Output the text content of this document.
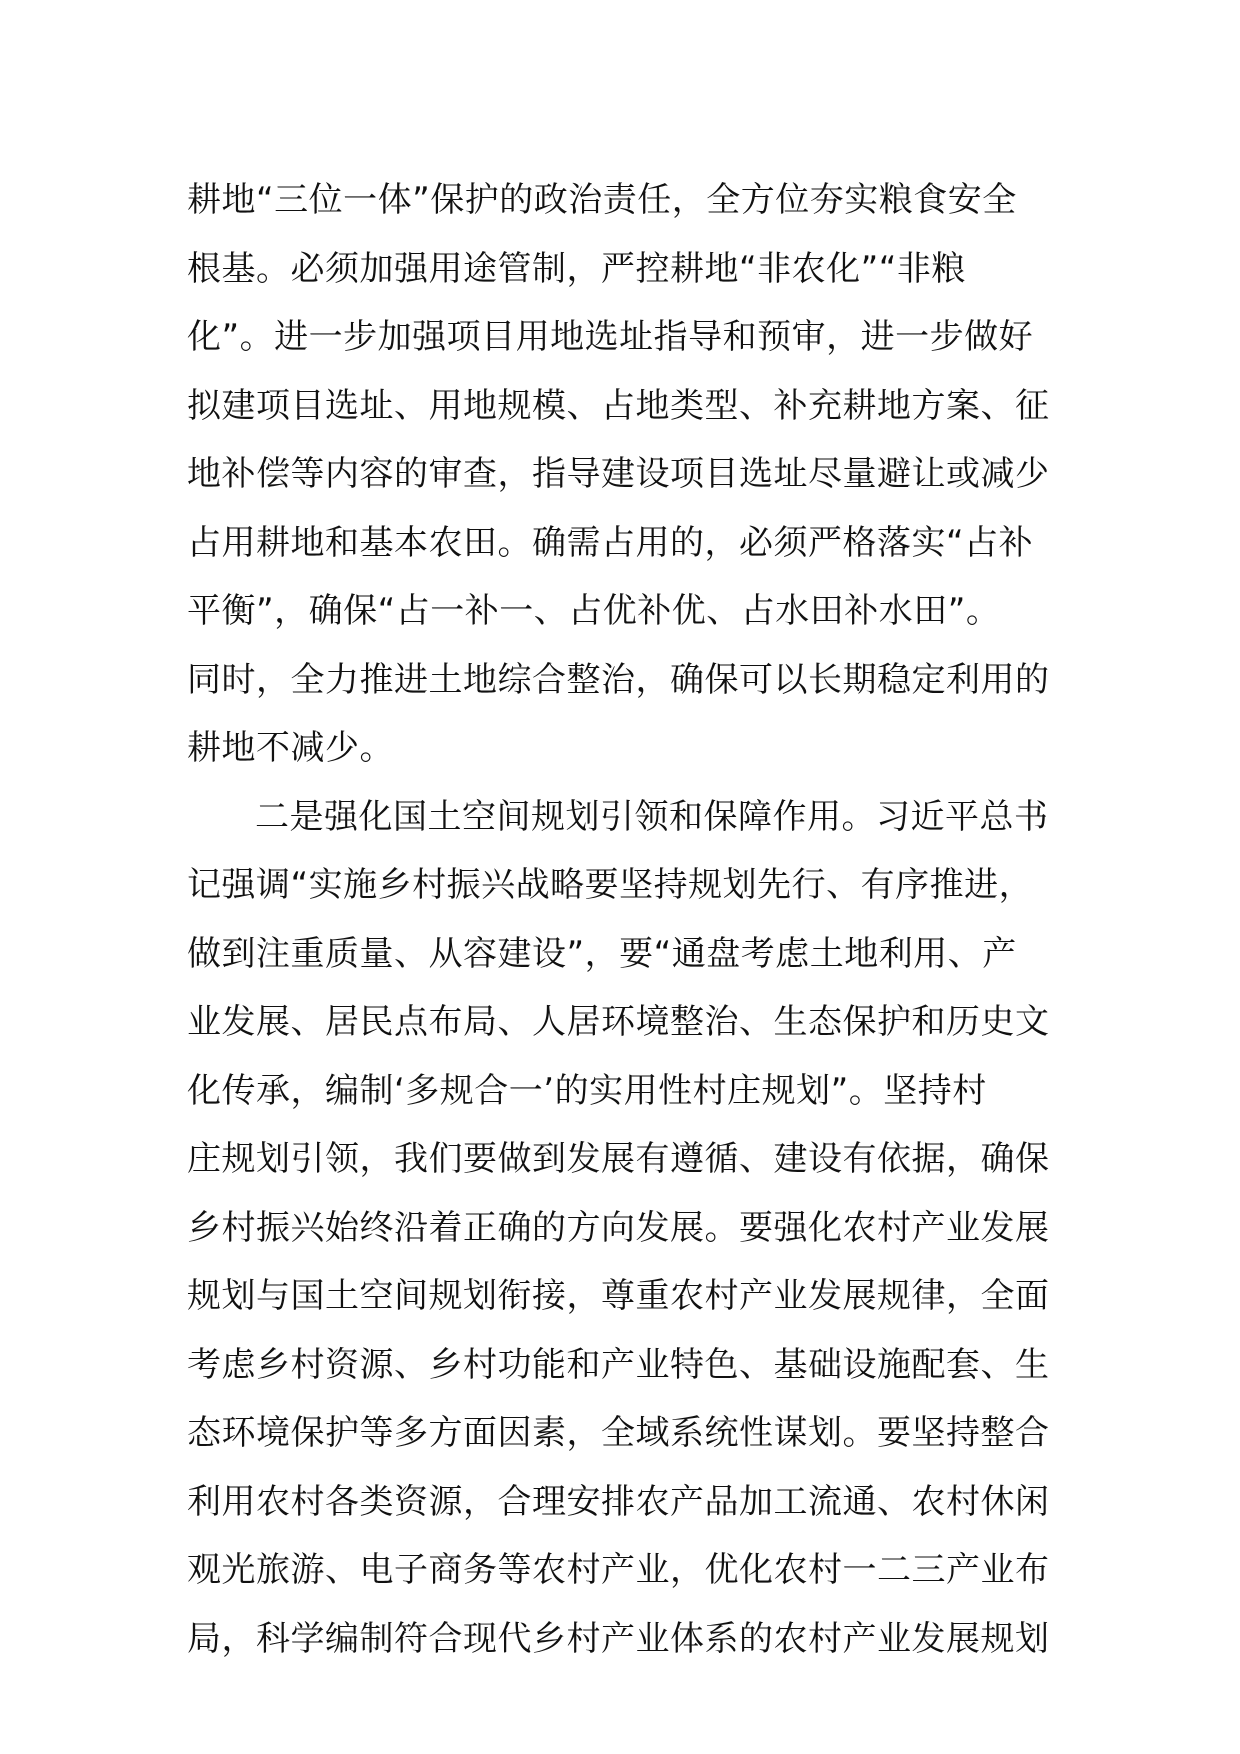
耕地“三位一体”保护的政治责任，全方位夯实粮食安全
根基。必须加强用途管制，严控耕地“非农化”“非粮
化”。进一步加强项目用地选址指导和预审，进一步做好
拟建项目选址、用地规模、占地类型、补充耕地方案、征
地补偿等内容的审查，指导建设项目选址尽量避让或减少
占用耕地和基本农田。确需占用的，必须严格落实“占补
平衡”，确保“占一补一、占优补优、占水田补水田”。
同时，全力推进土地综合整治，确保可以长期稳定利用的
耕地不减少。
二是强化国土空间规划引领和保障作用。习近平总书
记强调“实施乡村振兴战略要坚持规划先行、有序推进，
做到注重质量、从容建设”，要“通盘考虑土地利用、产
业发展、居民点布局、人居环境整治、生态保护和历史文
化传承，编制‘多规合一’的实用性村庄规划”。坚持村
庄规划引领，我们要做到发展有遵循、建设有依据，确保
乡村振兴始终沿着正确的方向发展。要强化农村产业发展
规划与国土空间规划衔接，尊重农村产业发展规律，全面
考虑乡村资源、乡村功能和产业特色、基础设施配套、生
态环境保护等多方面因素，全域系统性谋划。要坚持整合
利用农村各类资源，合理安排农产品加工流通、农村休闲
观光旅游、电子商务等农村产业，优化农村一二三产业布
局，科学编制符合现代乡村产业体系的农村产业发展规划
